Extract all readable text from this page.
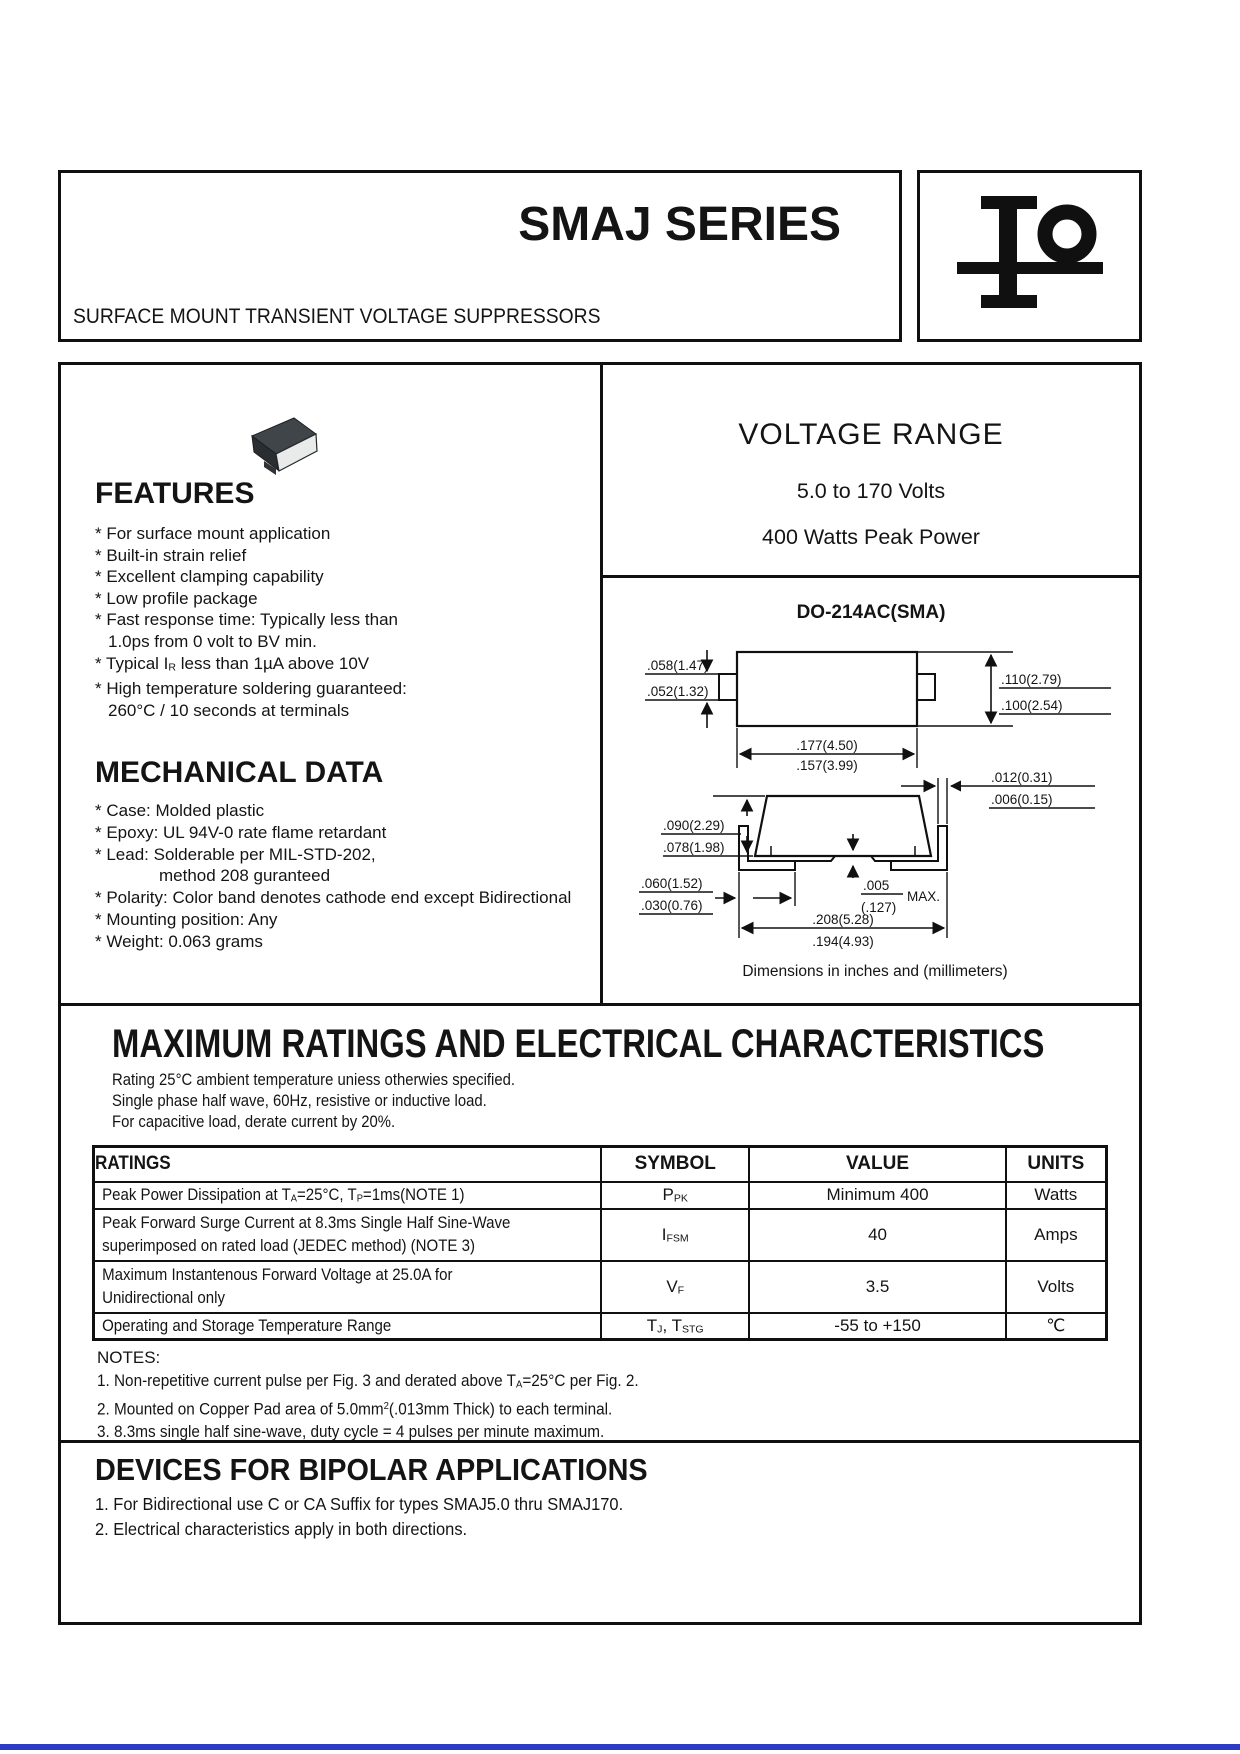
SMAJ SERIES
SURFACE MOUNT TRANSIENT VOLTAGE SUPPRESSORS
FEATURES
* For surface mount application
* Built-in strain relief
* Excellent clamping capability
* Low profile package
* Fast response time: Typically less than
1.0ps from 0 volt to BV min.
* Typical IR less than 1µA above 10V
* High temperature soldering guaranteed:
260°C / 10 seconds at terminals
MECHANICAL DATA
* Case: Molded plastic
* Epoxy: UL 94V-0 rate flame retardant
* Lead: Solderable per MIL-STD-202,
method 208 guranteed
* Polarity: Color band denotes cathode end except Bidirectional
* Mounting position: Any
* Weight: 0.063 grams
VOLTAGE RANGE
5.0 to 170 Volts
400 Watts Peak Power
DO-214AC(SMA)
.058(1.47)
.052(1.32)
.110(2.79)
.100(2.54)
.177(4.50)
.157(3.99)
.012(0.31)
.006(0.15)
.090(2.29)
.078(1.98)
.060(1.52)
.030(0.76)
.005
(.127)
MAX.
.208(5.28)
.194(4.93)
Dimensions in inches and (millimeters)
MAXIMUM RATINGS AND ELECTRICAL CHARACTERISTICS
Rating 25°C ambient temperature uniess otherwies specified.
Single phase half wave, 60Hz, resistive or inductive load.
For capacitive load, derate current by 20%.
RATINGS	SYMBOL	VALUE	UNITS

Peak Power Dissipation at TA=25°C, TP=1ms(NOTE 1)	PPK	Minimum 400	Watts

Peak Forward Surge Current at 8.3ms Single Half Sine-Wave
superimposed on rated load (JEDEC method) (NOTE 3)	IFSM	40	Amps

Maximum Instantenous Forward Voltage at 25.0A for
Unidirectional only	VF	3.5	Volts

Operating and Storage Temperature Range	TJ, TSTG	-55 to +150	℃
NOTES:
1. Non-repetitive current pulse per Fig. 3 and derated above TA=25°C per Fig. 2.
2. Mounted on Copper Pad area of $5.0mm^2(.013mm$ Thick) to each terminal.
3. 8.3ms single half sine-wave, duty cycle = 4 pulses per minute maximum.
DEVICES FOR BIPOLAR APPLICATIONS
1. For Bidirectional use C or CA Suffix for types SMAJ5.0 thru SMAJ170.
2. Electrical characteristics apply in both directions.
